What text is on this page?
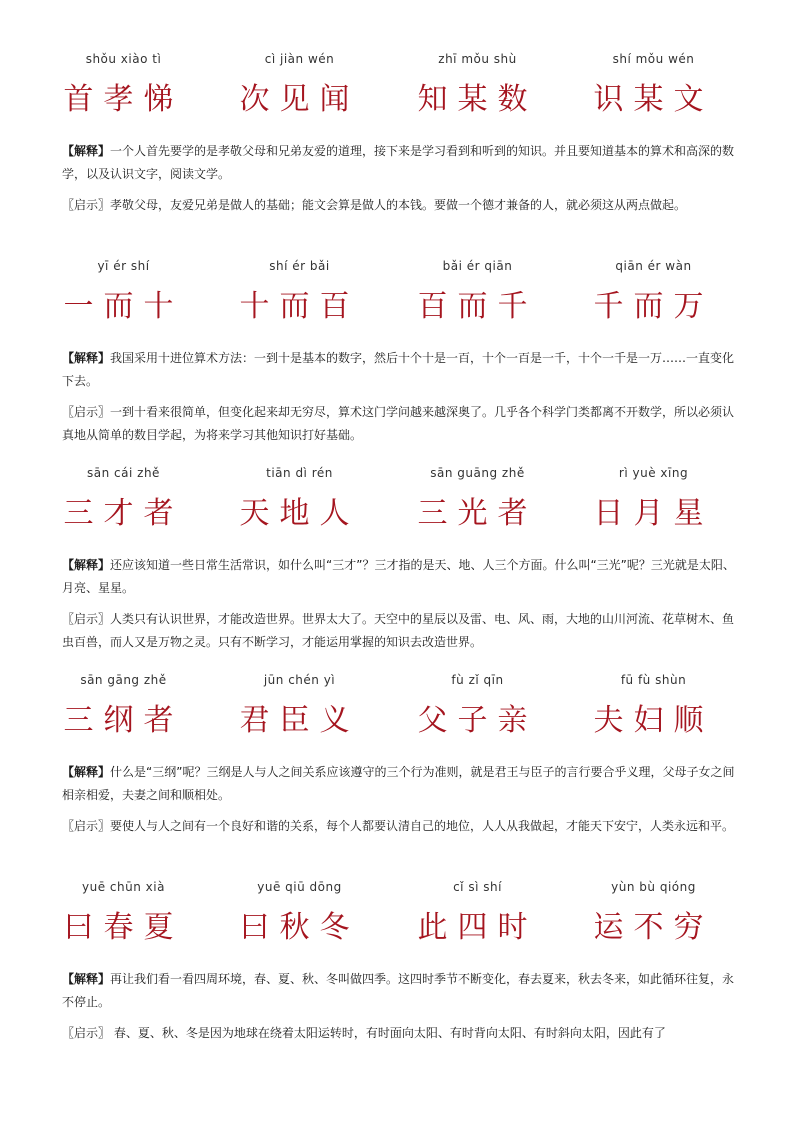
shǒu xiào tì
首孝悌
cì jiàn wén
次见闻
zhī mǒu shù
知某数
shí mǒu wén
识某文
【解释】一个人首先要学的是孝敬父母和兄弟友爱的道理，接下来是学习看到和听到的知识。并且要知道基本的算术和高深的数学，以及认识文字，阅读文学。
〖启示〗孝敬父母，友爱兄弟是做人的基础；能文会算是做人的本钱。要做一个德才兼备的人，就必须这从两点做起。
yī ér shí
一而十
shí ér bǎi
十而百
bǎi ér qiān
百而千
qiān ér wàn
千而万
【解释】我国采用十进位算术方法：一到十是基本的数字，然后十个十是一百，十个一百是一千，十个一千是一万……一直变化下去。
〖启示〗一到十看来很简单，但变化起来却无穷尽，算术这门学问越来越深奥了。几乎各个科学门类都离不开数学，所以必须认真地从简单的数目学起，为将来学习其他知识打好基础。
sān cái zhě
三才者
tiān dì rén
天地人
sān guāng zhě
三光者
rì yuè xīng
日月星
【解释】还应该知道一些日常生活常识，如什么叫“三才”？三才指的是天、地、人三个方面。什么叫“三光”呢？三光就是太阳、月亮、星星。
〖启示〗人类只有认识世界，才能改造世界。世界太大了。天空中的星辰以及雷、电、风、雨，大地的山川河流、花草树木、鱼虫百兽，而人又是万物之灵。只有不断学习，才能运用掌握的知识去改造世界。
sān gāng zhě
三纲者
jūn chén yì
君臣义
fù zǐ qīn
父子亲
fū fù shùn
夫妇顺
【解释】什么是“三纲”呢？三纲是人与人之间关系应该遵守的三个行为准则，就是君王与臣子的言行要合乎义理，父母子女之间相亲相爱，夫妻之间和顺相处。
〖启示〗要使人与人之间有一个良好和谐的关系，每个人都要认清自己的地位，人人从我做起，才能天下安宁，人类永远和平。
yuē chūn xià
曰春夏
yuē qiū dōng
曰秋冬
cǐ sì shí
此四时
yùn bù qióng
运不穷
【解释】再让我们看一看四周环境，春、夏、秋、冬叫做四季。这四时季节不断变化，春去夏来，秋去冬来，如此循环往复，永不停止。
〖启示〗 春、夏、秋、冬是因为地球在绕着太阳运转时，有时面向太阳、有时背向太阳、有时斜向太阳，因此有了
